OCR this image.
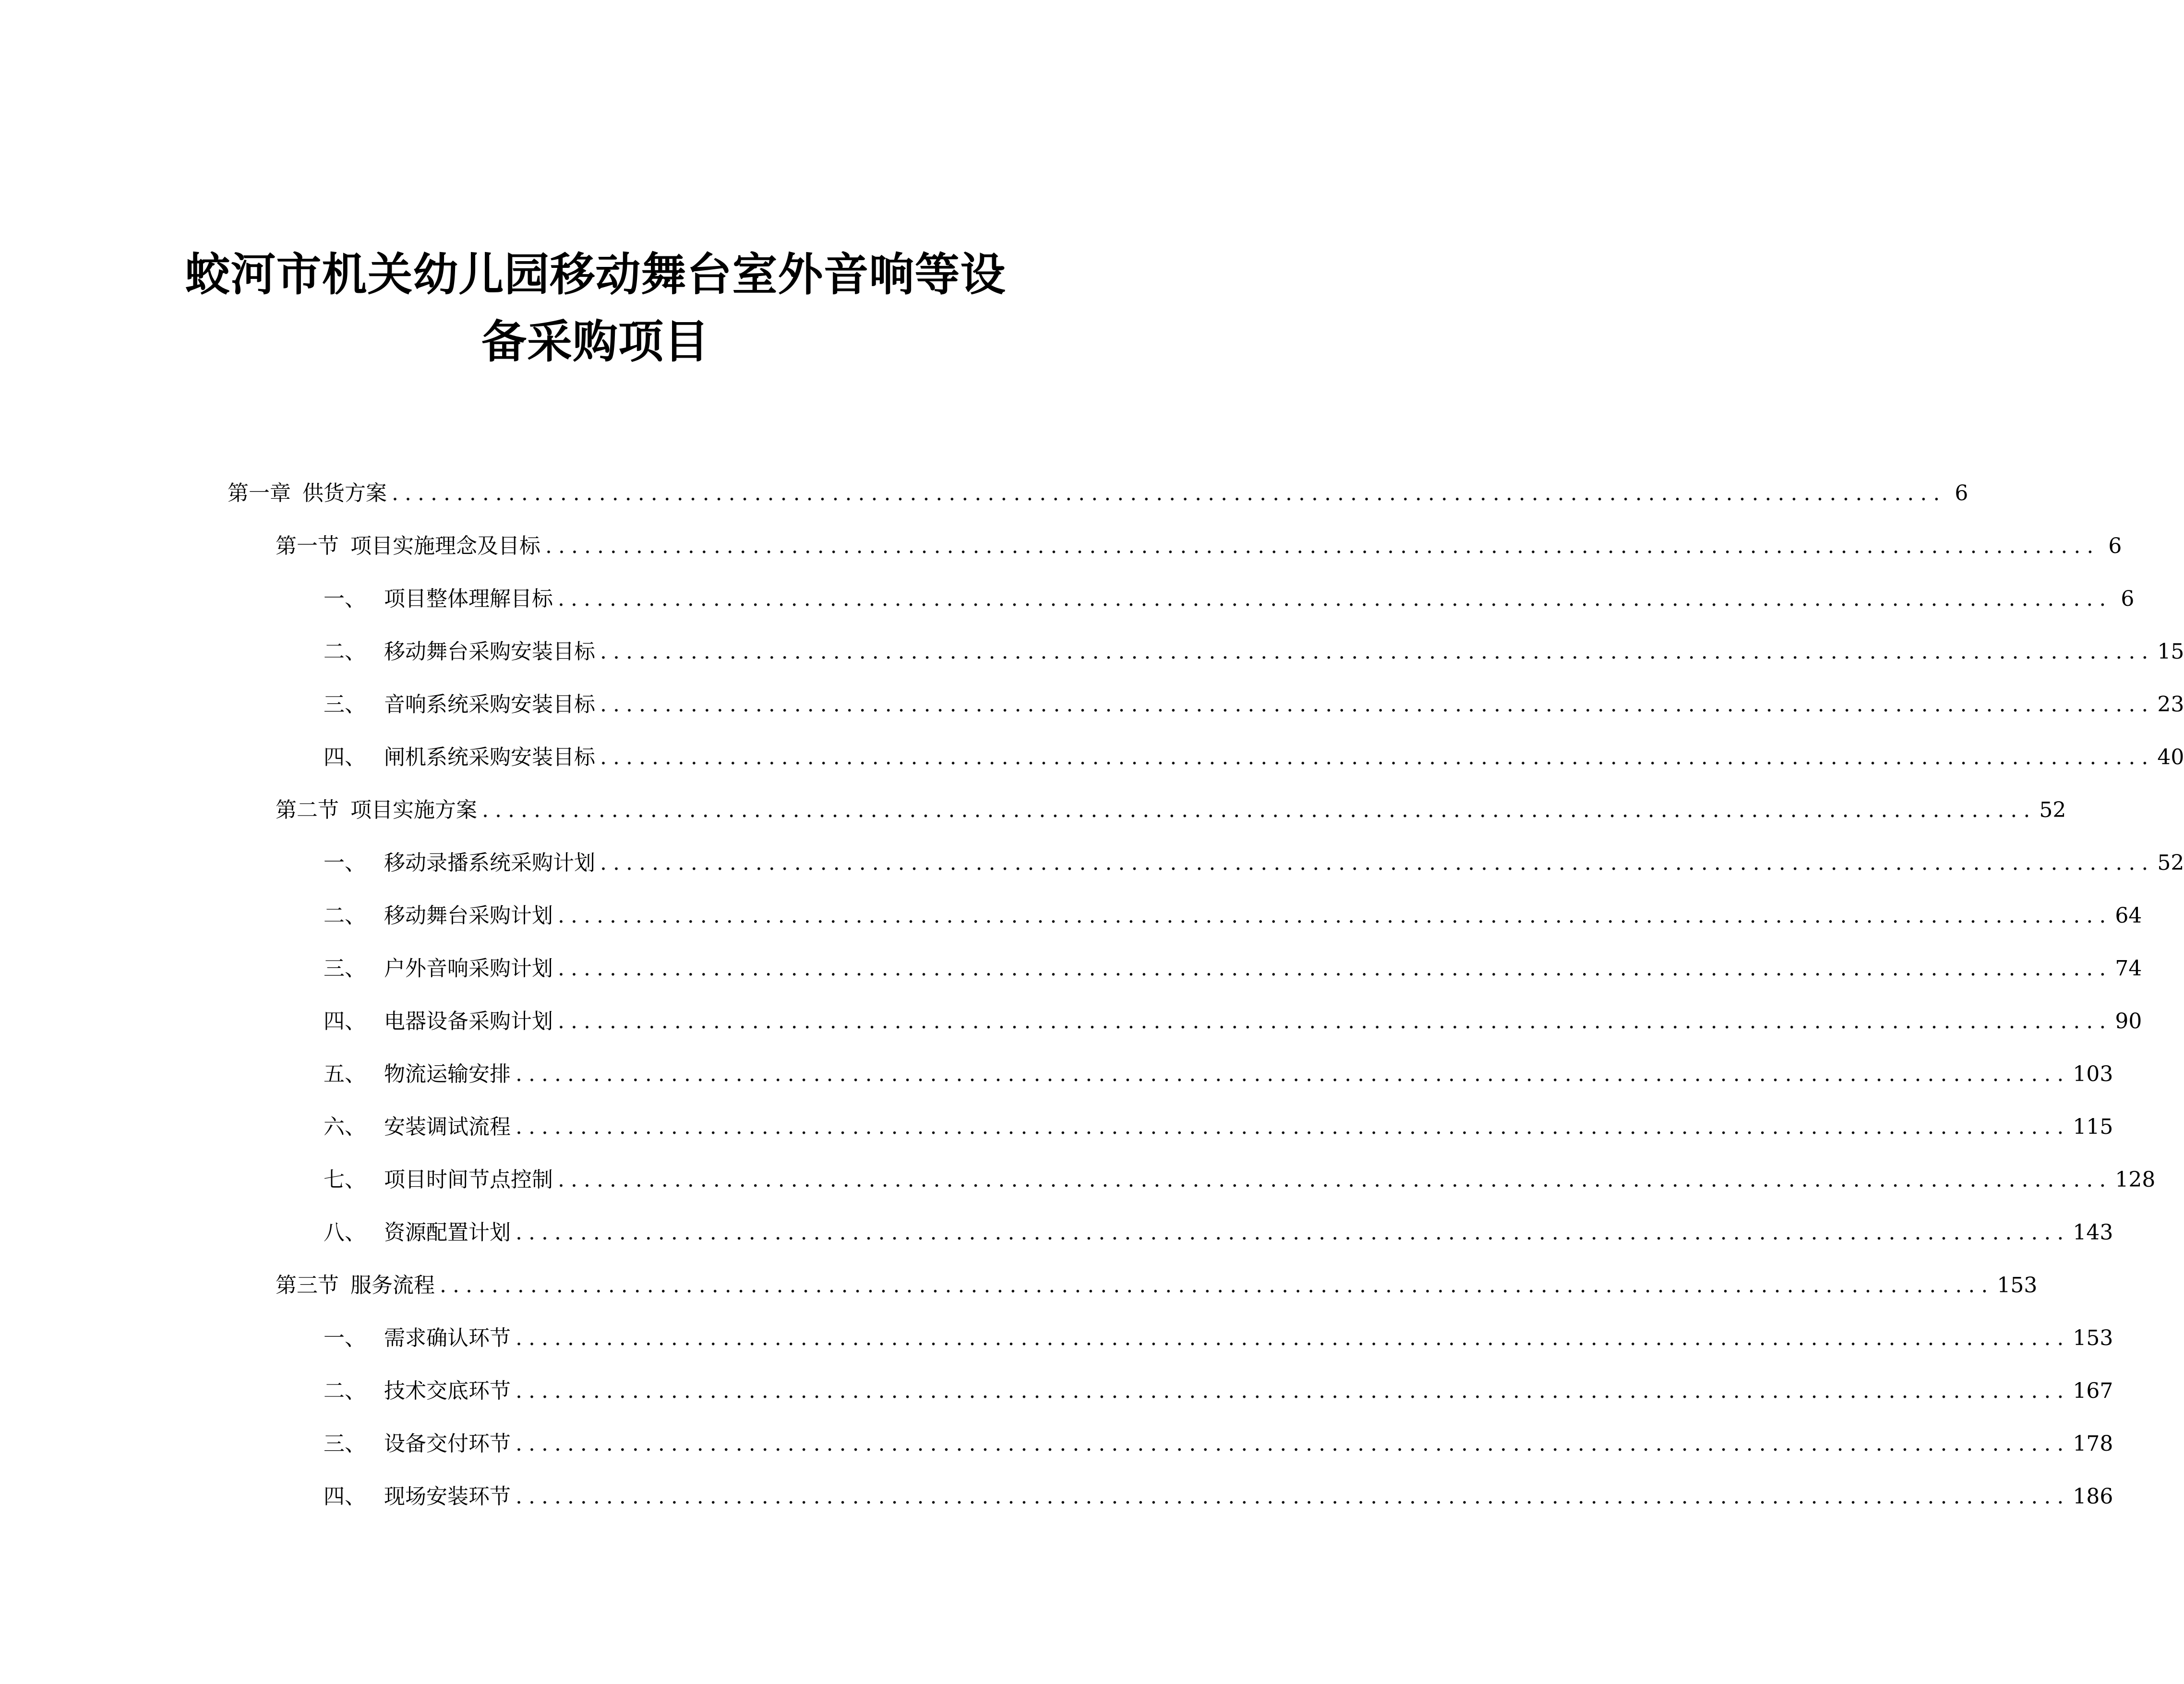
蛟河市机关幼儿园移动舞台室外音响等设
备采购项目
第一章 供货方案 ........................................................................................................................ 6
第一节 项目实施理念及目标 ........................................................................................................................ 6
一、 项目整体理解目标 ........................................................................................................................ 6
二、 移动舞台采购安装目标 ........................................................................................................................ 15
三、 音响系统采购安装目标 ........................................................................................................................ 23
四、 闸机系统采购安装目标 ........................................................................................................................ 40
第二节 项目实施方案 ........................................................................................................................ 52
一、 移动录播系统采购计划 ........................................................................................................................ 52
二、 移动舞台采购计划 ........................................................................................................................ 64
三、 户外音响采购计划 ........................................................................................................................ 74
四、 电器设备采购计划 ........................................................................................................................ 90
五、 物流运输安排 ........................................................................................................................ 103
六、 安装调试流程 ........................................................................................................................ 115
七、 项目时间节点控制 ........................................................................................................................ 128
八、 资源配置计划 ........................................................................................................................ 143
第三节 服务流程 ........................................................................................................................ 153
一、 需求确认环节 ........................................................................................................................ 153
二、 技术交底环节 ........................................................................................................................ 167
三、 设备交付环节 ........................................................................................................................ 178
四、 现场安装环节 ........................................................................................................................ 186
